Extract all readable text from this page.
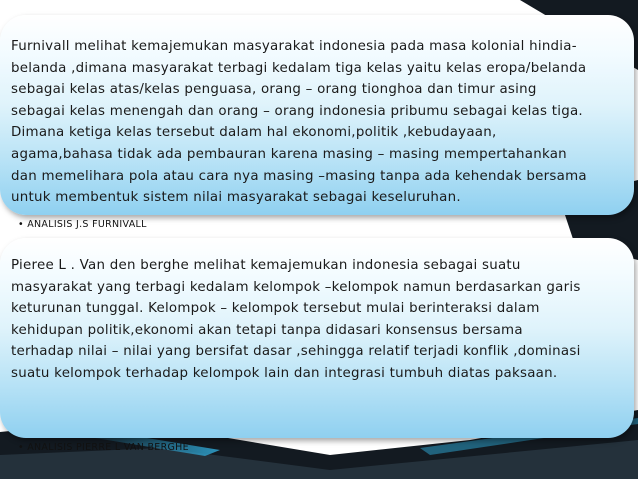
Furnivall melihat kemajemukan masyarakat indonesia pada masa kolonial hindia-
belanda ,dimana masyarakat terbagi kedalam tiga kelas yaitu kelas eropa/belanda
sebagai kelas atas/kelas penguasa, orang – orang tionghoa dan timur asing
sebagai kelas menengah dan orang – orang indonesia pribumu sebagai kelas tiga.
Dimana ketiga kelas tersebut dalam hal ekonomi,politik ,kebudayaan,
agama,bahasa tidak ada pembauran karena masing – masing mempertahankan
dan memelihara pola atau cara nya masing –masing tanpa ada kehendak bersama
untuk membentuk sistem nilai masyarakat sebagai keseluruhan.

• ANALISIS J.S FURNIVALL

Pieree L . Van den berghe melihat kemajemukan indonesia sebagai suatu
masyarakat yang terbagi kedalam kelompok –kelompok namun berdasarkan garis
keturunan tunggal. Kelompok – kelompok tersebut mulai berinteraksi dalam
kehidupan politik,ekonomi akan tetapi tanpa didasari konsensus bersama
terhadap nilai – nilai yang bersifat dasar ,sehingga relatif terjadi konflik ,dominasi
suatu kelompok terhadap kelompok lain dan integrasi tumbuh diatas paksaan.

• ANALISIS PIERRE L VAN BERGHE
